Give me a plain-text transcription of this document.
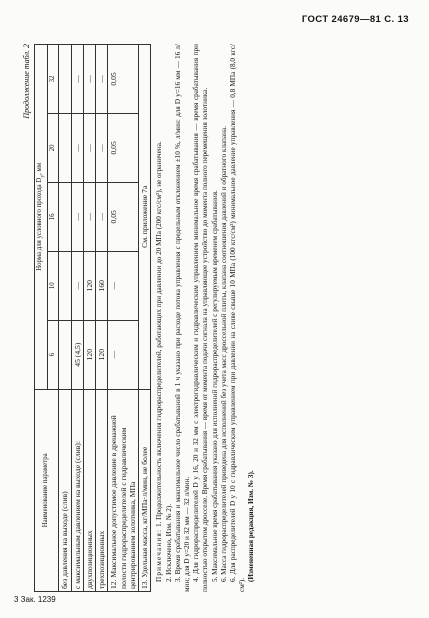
ГОСТ 24679—81 С. 13
Продолжение табл. 2
Наименование параметра	Норма для условного прохода $D_у$, мм				
	6	10	16	20	32
без давления на выходе (слив)					
с максимальным давлением на выходе (слив):	45 (4,5)	—	—	—	—
двухпозиционных	120	120	—	—	—
трехпозиционных	120	160	—	—	—
12. Максимальное допустимое давление в дренажной полости гидрораспределителей с гидравлическим центрированием золотника, МПа	—	—	0,05	0,05	0,05
13. Удельная масса, кг/МПа·л/мин, не более	См. приложение 7а				

Примечания: 1. Продолжительность включения гидрораспределителей, работающих при давлении до 20 МПа (200 кгс/см²), не ограничена.

2. Исключено, Изм. № 2). 3. Время срабатывания и максимальное число срабатываний в 1 ч указано при расходе потока управления с предельным отклонением ±10 %, л/мин: для D у=16 мм — 16 л/мин; для D у=20 и 32 мм — 32 л/мин. 4. Для гидрораспределителей D у 16, 20 и 32 мм с электрогидравлическим и гидравлическим управлением минимальное время срабатывания — время срабатывания при полностью открытом дросселе. Время срабатывания — время от момента подачи сигнала на управляющее устройство до момента полного перемещения золотника. 5. Максимальное время срабатывания указано для исполнений гидрораспределителей с регулируемым временем срабатывания. 6. Масса гидрораспределителей приведена для исполнений без учета масс дроссельной плиты, клапана соотношения давлений и обратного клапана. 6. Для распределителей D у 10 с гидравлическим управлением при давлении на сливе свыше 10 МПа (100 кгс/см²) минимальное давление управления — 0,8 МПа (8,0 кгс/см²).

(Измененная редакция, Изм. № 3).

3 Зак. 1239
